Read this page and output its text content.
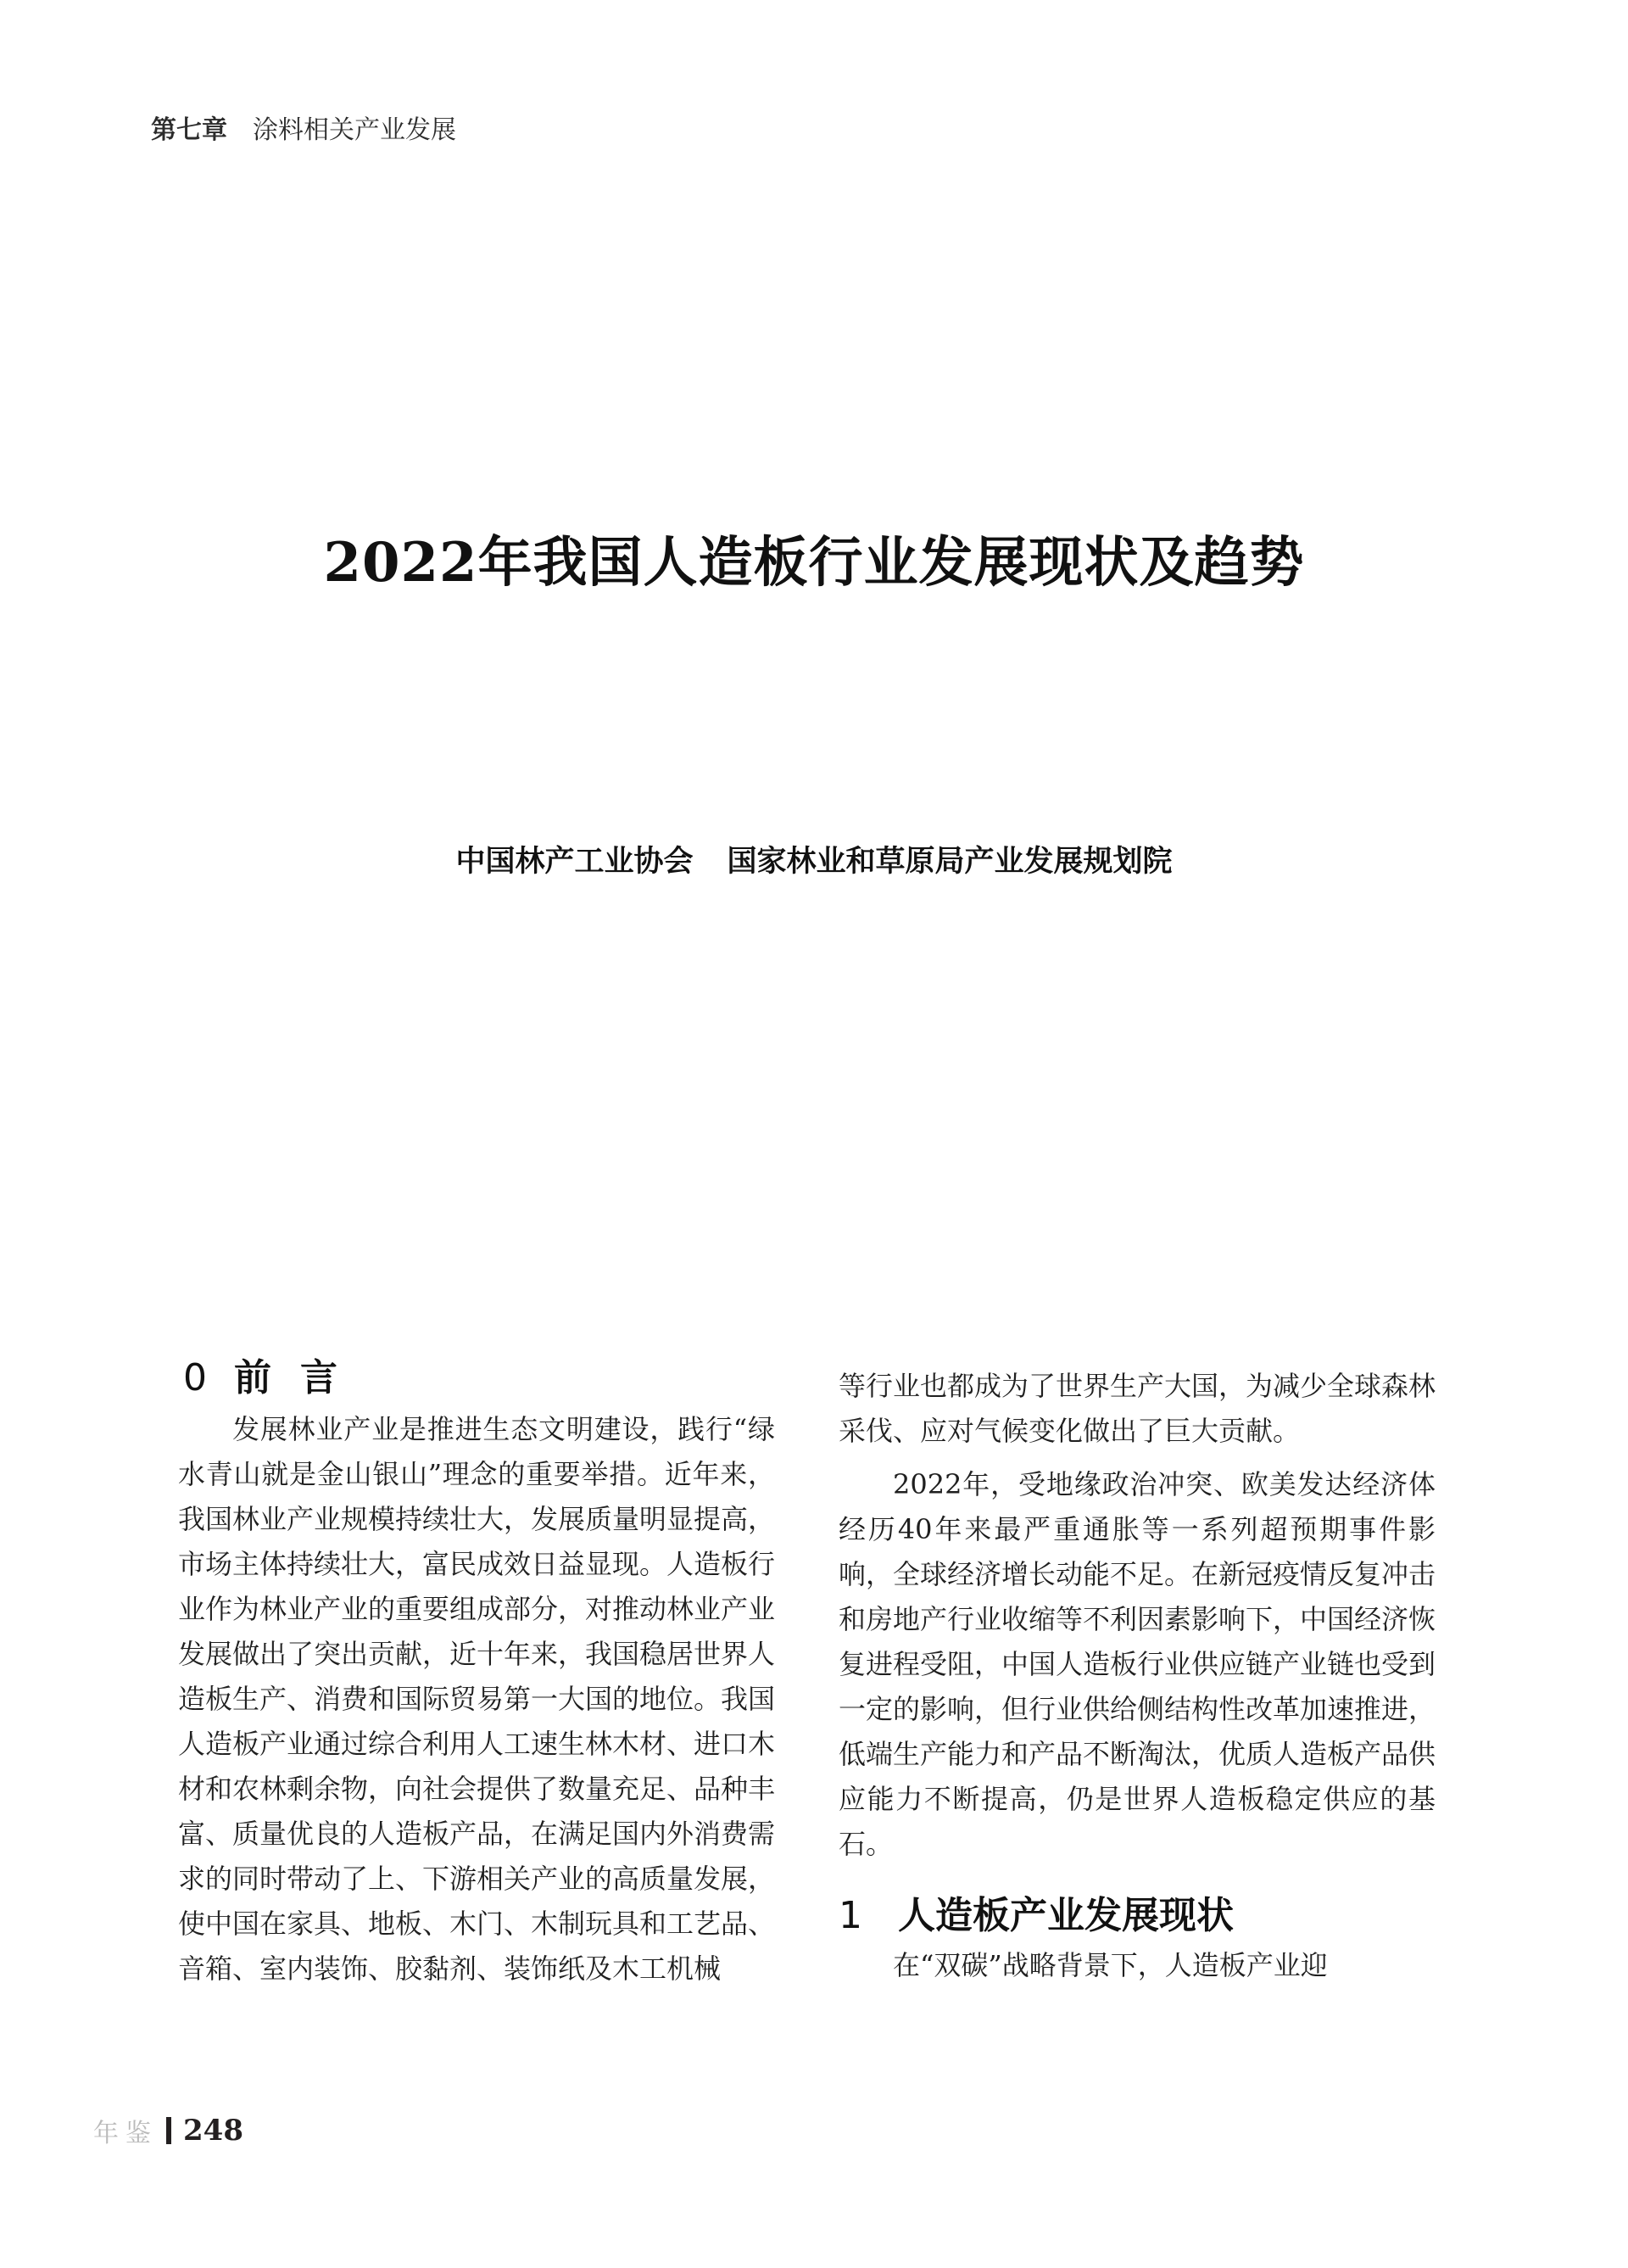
第七章 涂料相关产业发展
2022年我国人造板行业发展现状及趋势
中国林产工业协会 国家林业和草原局产业发展规划院
0 前言

发展林业产业是推进生态文明建设，践行“绿水青山就是金山银山”理念的重要举措。近年来，我国林业产业规模持续壮大，发展质量明显提高，市场主体持续壮大，富民成效日益显现。人造板行业作为林业产业的重要组成部分，对推动林业产业发展做出了突出贡献，近十年来，我国稳居世界人造板生产、消费和国际贸易第一大国的地位。我国人造板产业通过综合利用人工速生林木材、进口木材和农林剩余物，向社会提供了数量充足、品种丰富、质量优良的人造板产品，在满足国内外消费需求的同时带动了上、下游相关产业的高质量发展，使中国在家具、地板、木门、木制玩具和工艺品、音箱、室内装饰、胶黏剂、装饰纸及木工机械

等行业也都成为了世界生产大国，为减少全球森林采伐、应对气候变化做出了巨大贡献。

2022年，受地缘政治冲突、欧美发达经济体经历40年来最严重通胀等一系列超预期事件影响，全球经济增长动能不足。在新冠疫情反复冲击和房地产行业收缩等不利因素影响下，中国经济恢复进程受阻，中国人造板行业供应链产业链也受到一定的影响，但行业供给侧结构性改革加速推进，低端生产能力和产品不断淘汰，优质人造板产品供应能力不断提高，仍是世界人造板稳定供应的基石。

1 人造板产业发展现状

在“双碳”战略背景下，人造板产业迎

年鉴 248
